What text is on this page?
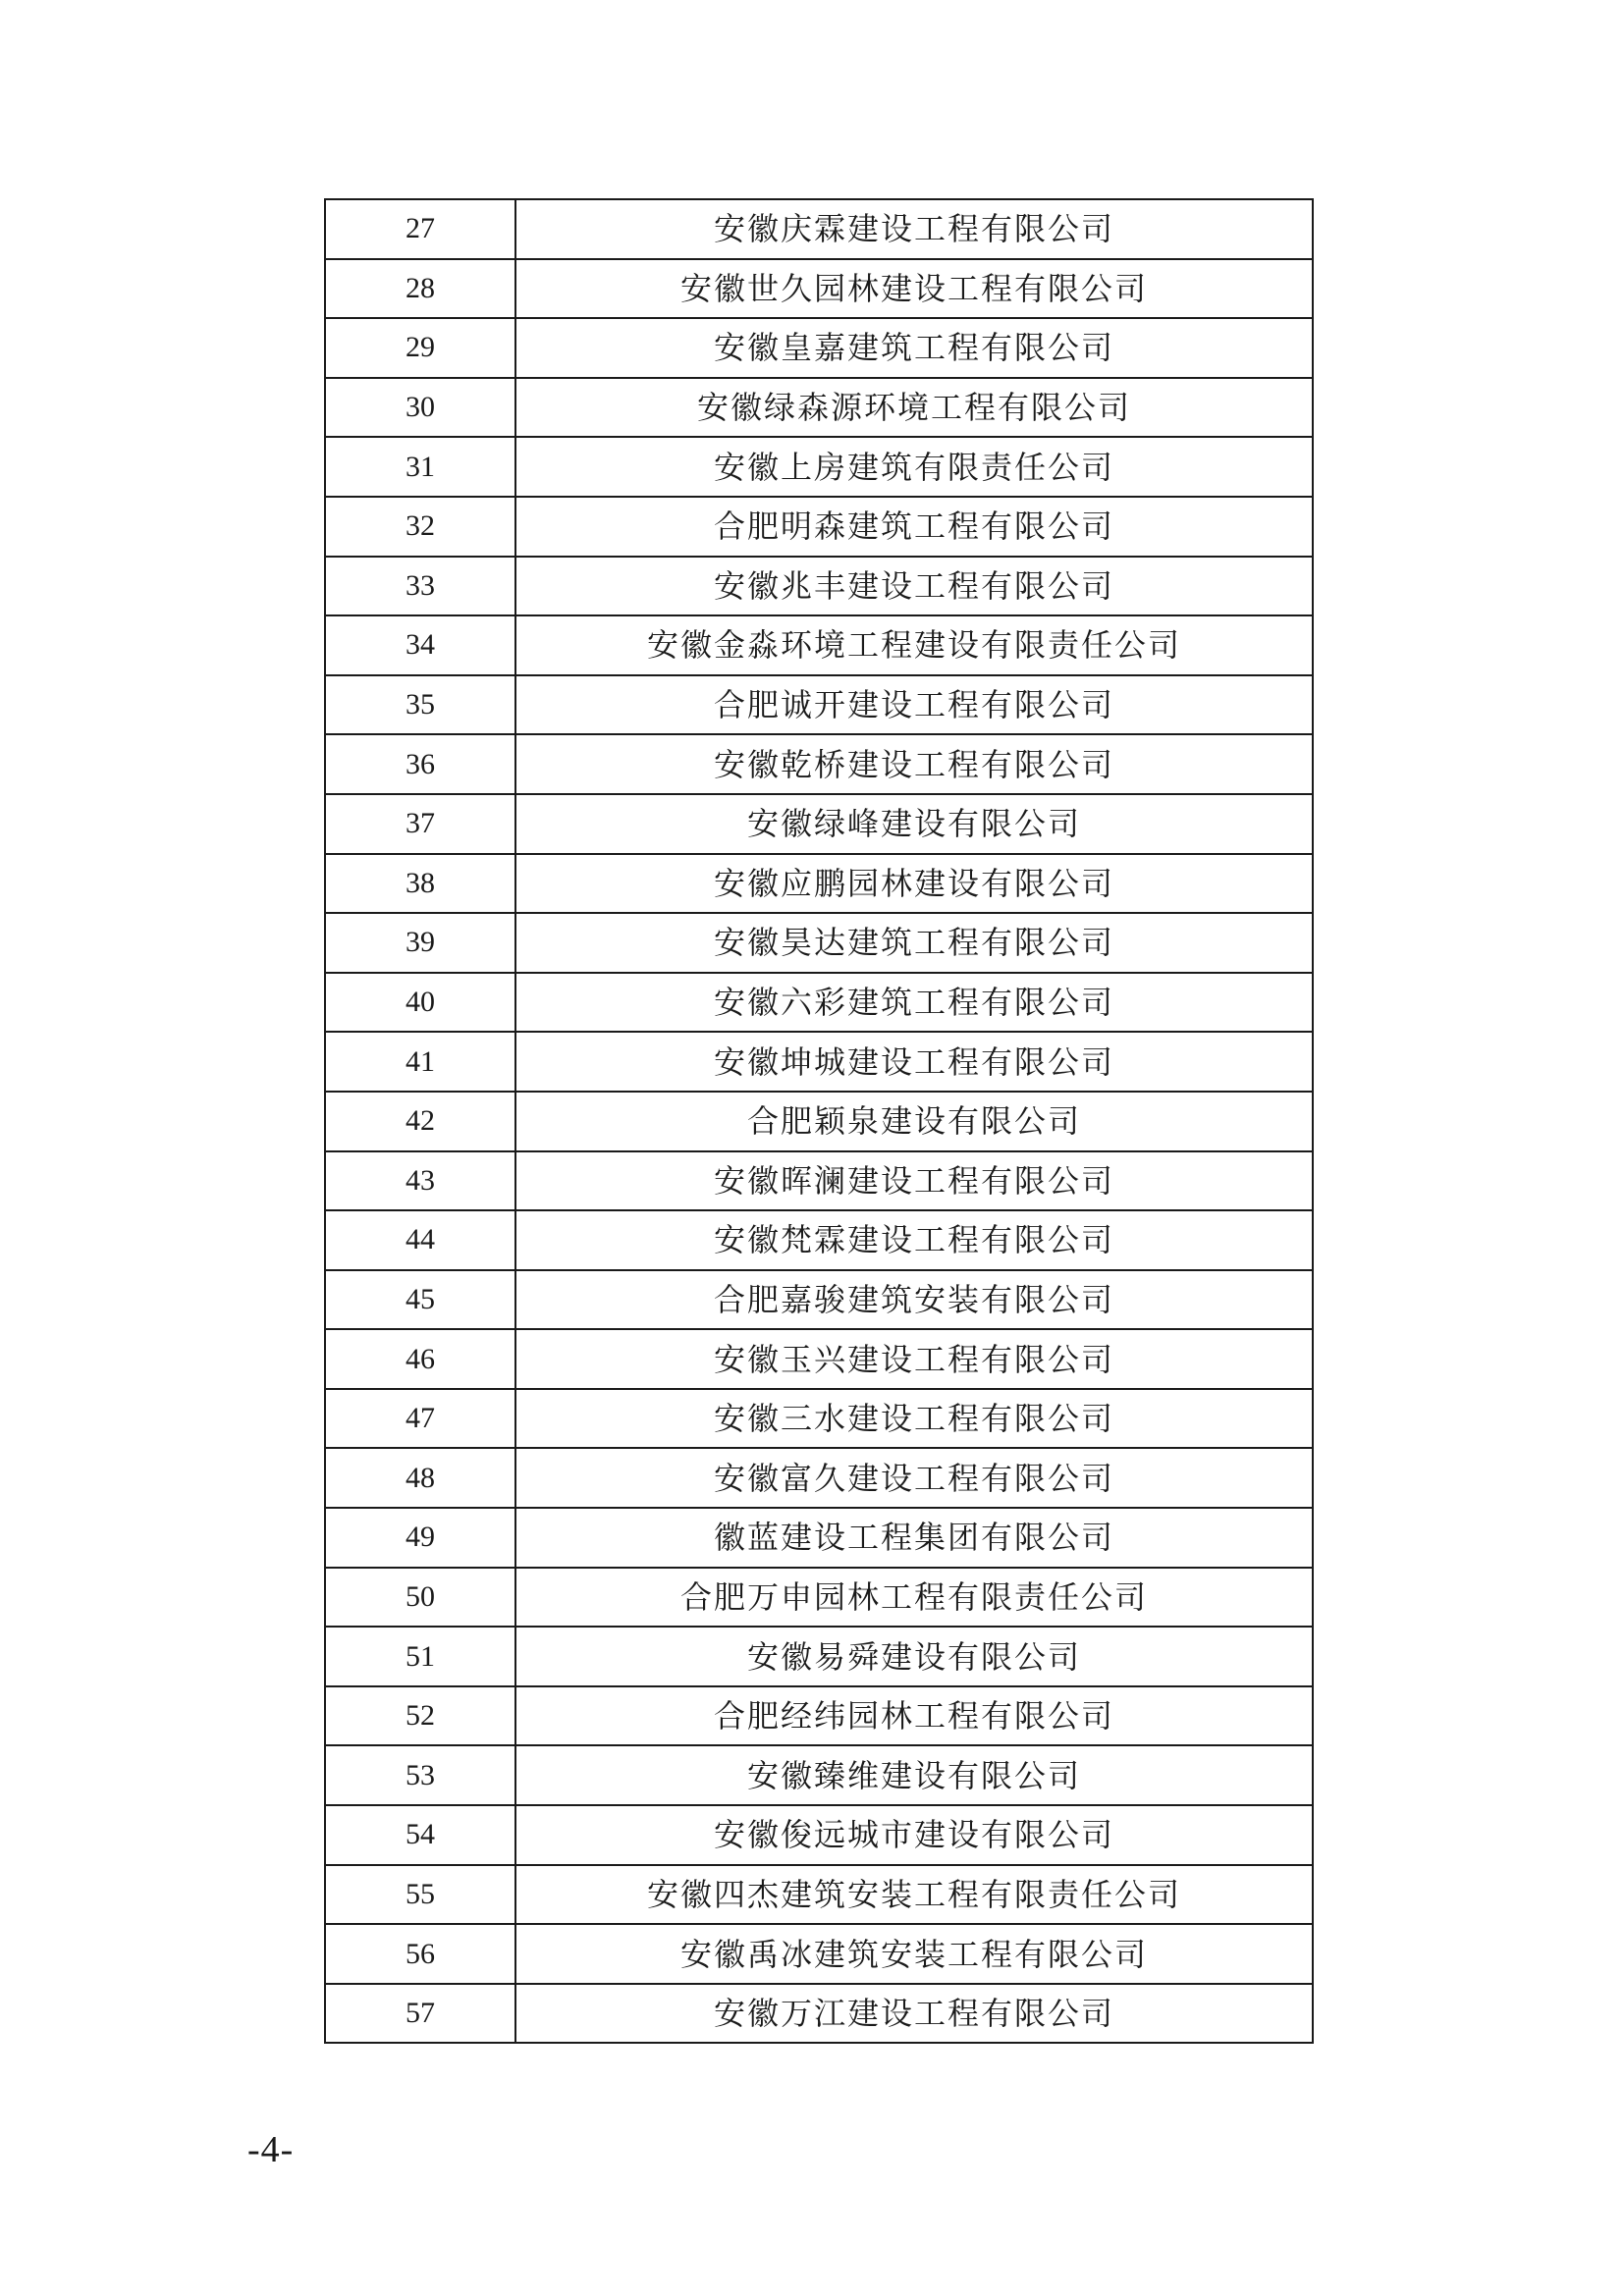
27	安徽庆霖建设工程有限公司
28	安徽世久园林建设工程有限公司
29	安徽皇嘉建筑工程有限公司
30	安徽绿森源环境工程有限公司
31	安徽上房建筑有限责任公司
32	合肥明森建筑工程有限公司
33	安徽兆丰建设工程有限公司
34	安徽金淼环境工程建设有限责任公司
35	合肥诚开建设工程有限公司
36	安徽乾桥建设工程有限公司
37	安徽绿峰建设有限公司
38	安徽应鹏园林建设有限公司
39	安徽昊达建筑工程有限公司
40	安徽六彩建筑工程有限公司
41	安徽坤城建设工程有限公司
42	合肥颖泉建设有限公司
43	安徽晖澜建设工程有限公司
44	安徽梵霖建设工程有限公司
45	合肥嘉骏建筑安装有限公司
46	安徽玉兴建设工程有限公司
47	安徽三水建设工程有限公司
48	安徽富久建设工程有限公司
49	徽蓝建设工程集团有限公司
50	合肥万申园林工程有限责任公司
51	安徽易舜建设有限公司
52	合肥经纬园林工程有限公司
53	安徽臻维建设有限公司
54	安徽俊远城市建设有限公司
55	安徽四杰建筑安装工程有限责任公司
56	安徽禹冰建筑安装工程有限公司
57	安徽万江建设工程有限公司
-4-
